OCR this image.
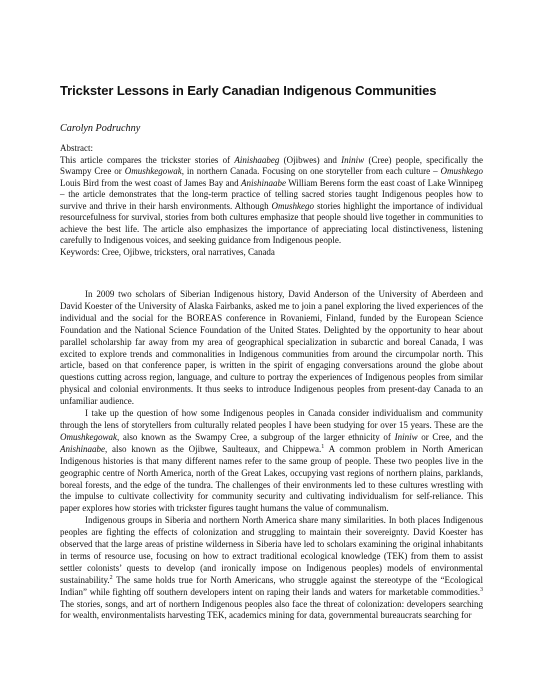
Trickster Lessons in Early Canadian Indigenous Communities
Carolyn Podruchny
Abstract:
This article compares the trickster stories of Ainishaabeg (Ojibwes) and Ininiw (Cree) people, specifically the Swampy Cree or Omushkegowak, in northern Canada. Focusing on one storyteller from each culture – Omushkego Louis Bird from the west coast of James Bay and Anishinaabe William Berens form the east coast of Lake Winnipeg – the article demonstrates that the long-term practice of telling sacred stories taught Indigenous peoples how to survive and thrive in their harsh environments. Although Omushkego stories highlight the importance of individual resourcefulness for survival, stories from both cultures emphasize that people should live together in communities to achieve the best life. The article also emphasizes the importance of appreciating local distinctiveness, listening carefully to Indigenous voices, and seeking guidance from Indigenous people.
Keywords: Cree, Ojibwe, tricksters, oral narratives, Canada

In 2009 two scholars of Siberian Indigenous history, David Anderson of the University of Aberdeen and David Koester of the University of Alaska Fairbanks, asked me to join a panel exploring the lived experiences of the individual and the social for the BOREAS conference in Rovaniemi, Finland, funded by the European Science Foundation and the National Science Foundation of the United States. Delighted by the opportunity to hear about parallel scholarship far away from my area of geographical specialization in subarctic and boreal Canada, I was excited to explore trends and commonalities in Indigenous communities from around the circumpolar north. This article, based on that conference paper, is written in the spirit of engaging conversations around the globe about questions cutting across region, language, and culture to portray the experiences of Indigenous peoples from similar physical and colonial environments. It thus seeks to introduce Indigenous peoples from present-day Canada to an unfamiliar audience.

I take up the question of how some Indigenous peoples in Canada consider individualism and community through the lens of storytellers from culturally related peoples I have been studying for over 15 years. These are the Omushkegowak, also known as the Swampy Cree, a subgroup of the larger ethnicity of Ininiw or Cree, and the Anishinaabe, also known as the Ojibwe, Saulteaux, and Chippewa.$^1$ A common problem in North American Indigenous histories is that many different names refer to the same group of people. These two peoples live in the geographic centre of North America, north of the Great Lakes, occupying vast regions of northern plains, parklands, boreal forests, and the edge of the tundra. The challenges of their environments led to these cultures wrestling with the impulse to cultivate collectivity for community security and cultivating individualism for self-reliance. This paper explores how stories with trickster figures taught humans the value of communalism.

Indigenous groups in Siberia and northern North America share many similarities. In both places Indigenous peoples are fighting the effects of colonization and struggling to maintain their sovereignty. David Koester has observed that the large areas of pristine wilderness in Siberia have led to scholars examining the original inhabitants in terms of resource use, focusing on how to extract traditional ecological knowledge (TEK) from them to assist settler colonists’ quests to develop (and ironically impose on Indigenous peoples) models of environmental sustainability.$^2$ The same holds true for North Americans, who struggle against the stereotype of the “Ecological Indian” while fighting off southern developers intent on raping their lands and waters for marketable commodities.$^3$ The stories, songs, and art of northern Indigenous peoples also face the threat of colonization: developers searching for wealth, environmentalists harvesting TEK, academics mining for data, governmental bureaucrats searching for
